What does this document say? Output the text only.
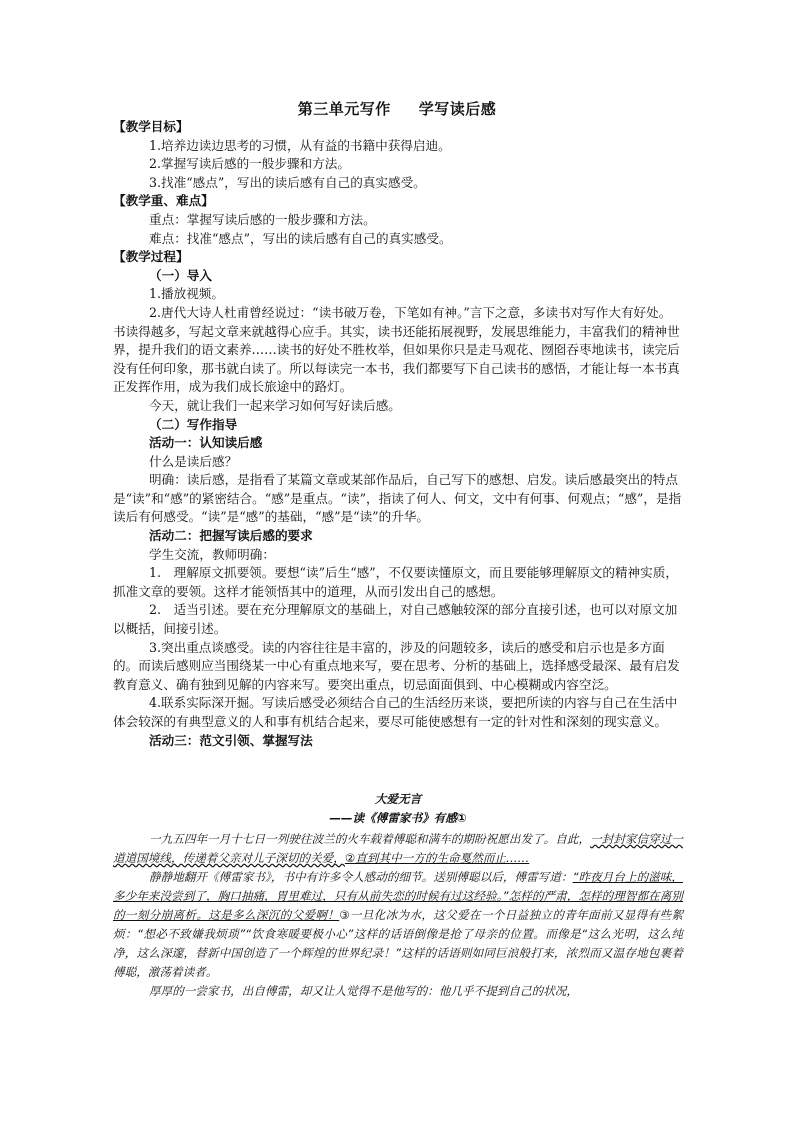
第三单元写作 学写读后感

【教学目标】

1.培养边读边思考的习惯，从有益的书籍中获得启迪。

2.掌握写读后感的一般步骤和方法。

3.找准“感点”，写出的读后感有自己的真实感受。

【教学重、难点】

重点：掌握写读后感的一般步骤和方法。

难点：找准“感点”，写出的读后感有自己的真实感受。

【教学过程】

（一）导入

1.播放视频。

2.唐代大诗人杜甫曾经说过：“读书破万卷，下笔如有神。”言下之意，多读书对写作大有好处。书读得越多，写起文章来就越得心应手。其实，读书还能拓展视野，发展思维能力，丰富我们的精神世界，提升我们的语文素养……读书的好处不胜枚举，但如果你只是走马观花、囫囵吞枣地读书，读完后没有任何印象，那书就白读了。所以每读完一本书，我们都要写下自己读书的感悟，才能让每一本书真正发挥作用，成为我们成长旅途中的路灯。

今天，就让我们一起来学习如何写好读后感。

（二）写作指导

活动一：认知读后感

什么是读后感？

明确：读后感，是指看了某篇文章或某部作品后，自己写下的感想、启发。读后感最突出的特点是“读”和“感”的紧密结合。“感”是重点。“读”，指读了何人、何文，文中有何事、何观点；“感”，是指读后有何感受。“读”是“感”的基础，“感”是“读”的升华。

活动二：把握写读后感的要求

学生交流，教师明确：

1.　理解原文抓要领。要想“读”后生“感”，不仅要读懂原文，而且要能够理解原文的精神实质，抓准文章的要领。这样才能领悟其中的道理，从而引发出自己的感想。

2.　适当引述。要在充分理解原文的基础上，对自己感触较深的部分直接引述，也可以对原文加以概括，间接引述。

3.突出重点谈感受。读的内容往往是丰富的，涉及的问题较多，读后的感受和启示也是多方面的。而读后感则应当围绕某一中心有重点地来写，要在思考、分析的基础上，选择感受最深、最有启发教育意义、确有独到见解的内容来写。要突出重点，切忌面面俱到、中心模糊或内容空泛。

4.联系实际深开掘。写读后感受必须结合自己的生活经历来谈，要把所读的内容与自己在生活中体会较深的有典型意义的人和事有机结合起来，要尽可能使感想有一定的针对性和深刻的现实意义。

活动三：范文引领、掌握写法

大爱无言

——读《傅雷家书》有感①

一九五四年一月十七日一列驶往波兰的火车载着傅聪和满车的期盼祝愿出发了。自此，一封封家信穿过一道道国境线，传递着父亲对儿子深切的关爱，②直到其中一方的生命戛然而止……

静静地翻开《傅雷家书》，书中有许多令人感动的细节。送别傅聪以后，傅雷写道：“昨夜月台上的滋味，多少年来没尝到了，胸口抽痛，胃里难过，只有从前失恋的时候有过这经验。”怎样的严肃，怎样的理智都在离别的一刻分崩离析。这是多么深沉的父爱啊！③一旦化冰为水，这父爱在一个日益独立的青年面前又显得有些絮烦：“想必不致嫌我烦琐”“饮食寒暖要极小心”这样的话语倒像是抢了母亲的位置。而像是“这么光明，这么纯净，这么深邃，替新中国创造了一个辉煌的世界纪录！”这样的话语则如同巨浪般打来，浓烈而又温存地包裹着傅聪，激荡着读者。

厚厚的一尝家书，出自傅雷，却又让人觉得不是他写的：他几乎不提到自己的状况，
